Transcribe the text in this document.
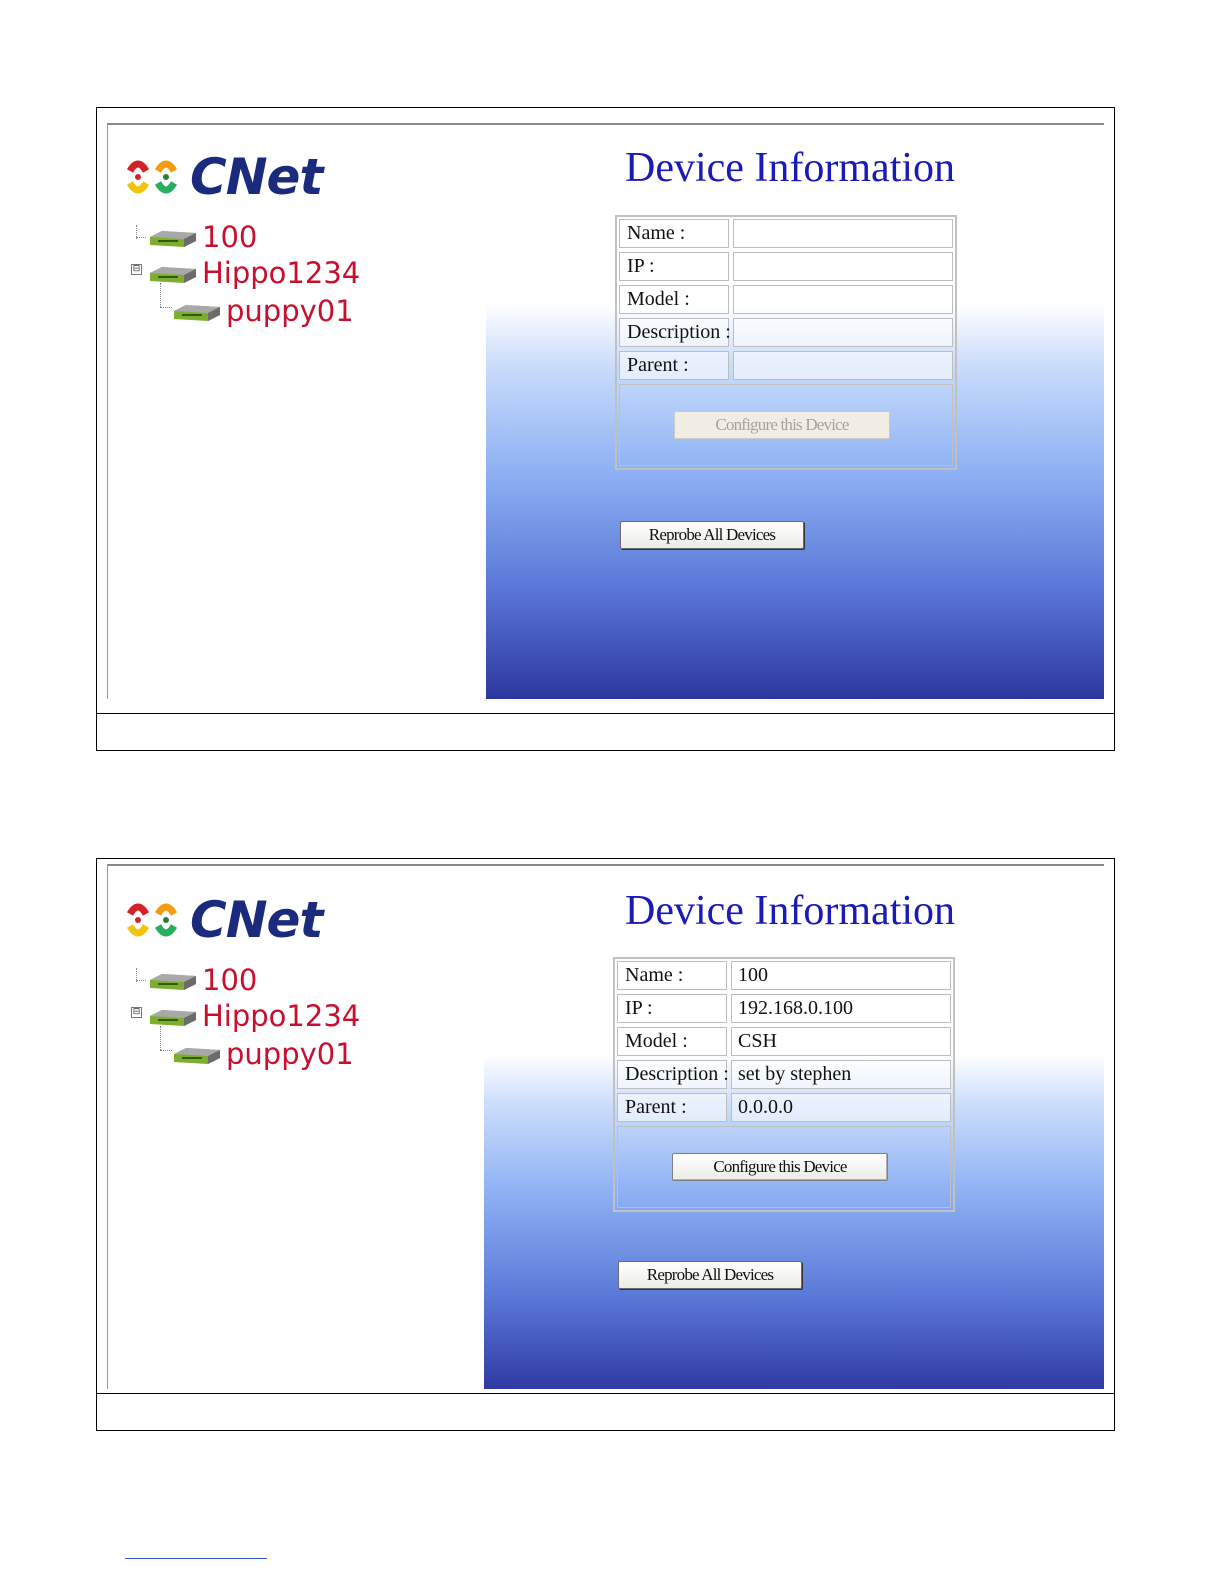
CNet
100
⊟ Hippo1234
puppy01
Device Information
Name :
IP :
Model :
Description :
Parent :
Configure this Device
Reprobe All Devices
CNet
100
⊟ Hippo1234
puppy01
Device Information
Name :	100
IP :	192.168.0.100
Model :	CSH
Description : set by stephen
Parent :	0.0.0.0
Configure this Device
Reprobe All Devices
